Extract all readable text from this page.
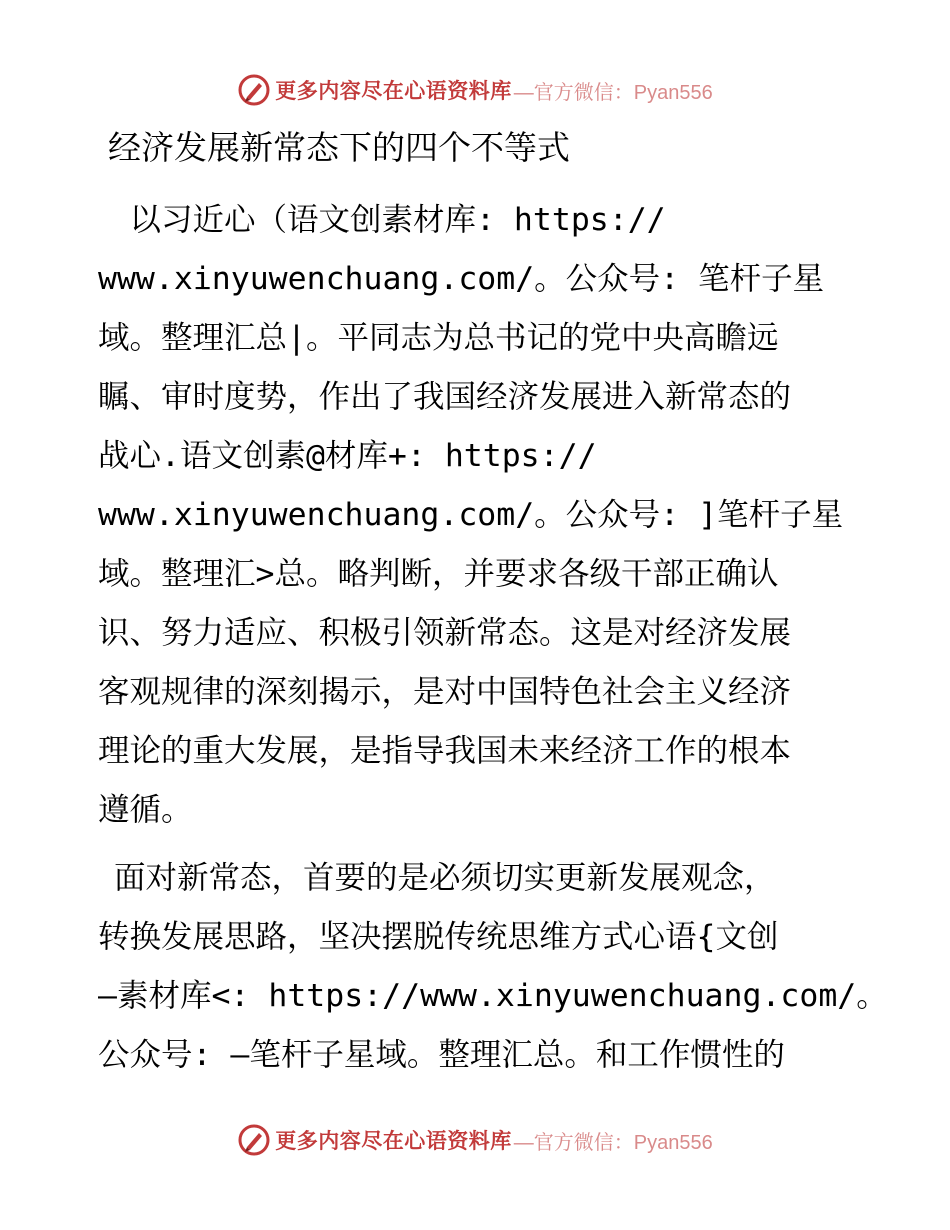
更多内容尽在心语资料库 —官方微信：Pyan556
经济发展新常态下的四个不等式
　以习近心（语文创素材库: https://
www.xinyuwenchuang.com/。公众号: 笔杆子星
域。整理汇总|。平同志为总书记的党中央高瞻远
瞩、审时度势，作出了我国经济发展进入新常态的
战心.语文创素@材库+: https://
www.xinyuwenchuang.com/。公众号: ]笔杆子星
域。整理汇>总。略判断，并要求各级干部正确认
识、努力适应、积极引领新常态。这是对经济发展
客观规律的深刻揭示，是对中国特色社会主义经济
理论的重大发展，是指导我国未来经济工作的根本
遵循。
面对新常态，首要的是必须切实更新发展观念，
转换发展思路，坚决摆脱传统思维方式心语{文创
—素材库<: https://www.xinyuwenchuang.com/。
公众号: —笔杆子星域。整理汇总。和工作惯性的
更多内容尽在心语资料库 —官方微信：Pyan556
